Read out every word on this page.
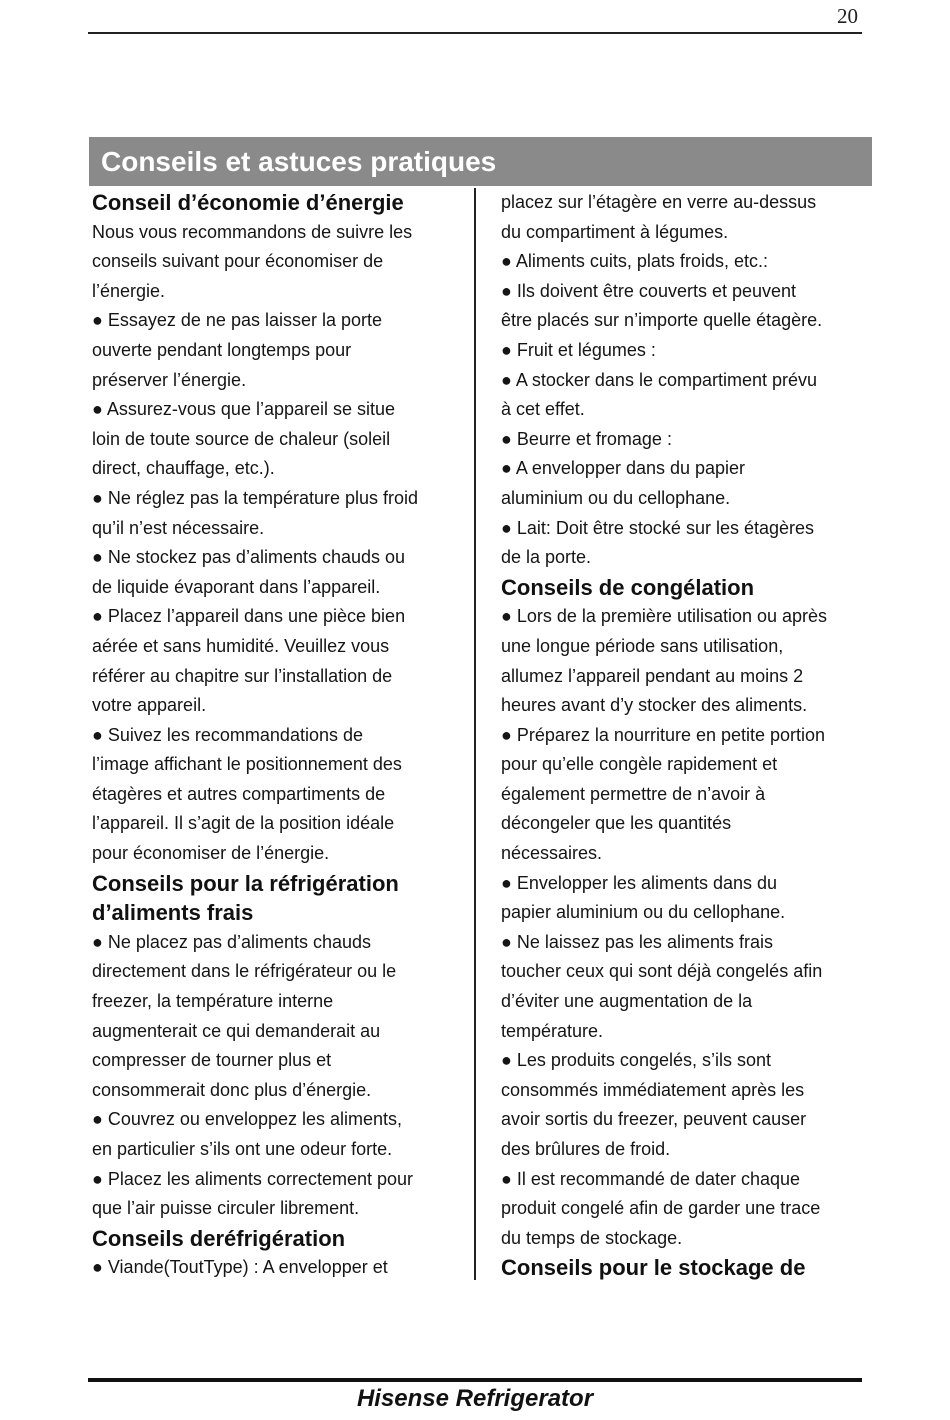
20
Conseils et astuces pratiques
Conseil d’économie d’énergie
Nous vous recommandons de suivre les
conseils suivant pour économiser de
l’énergie.
● Essayez de ne pas laisser la porte
ouverte pendant longtemps pour
préserver l’énergie.
● Assurez-vous que l’appareil se situe
loin de toute source de chaleur (soleil
direct, chauffage, etc.).
● Ne réglez pas la température plus froid
qu’il n’est nécessaire.
● Ne stockez pas d’aliments chauds ou
de liquide évaporant dans l’appareil.
● Placez l’appareil dans une pièce bien
aérée et sans humidité. Veuillez vous
référer au chapitre sur l’installation de
votre appareil.
● Suivez les recommandations de
l’image affichant le positionnement des
étagères et autres compartiments de
l’appareil. Il s’agit de la position idéale
pour économiser de l’énergie.
Conseils pour la réfrigération
d’aliments frais
● Ne placez pas d’aliments chauds
directement dans le réfrigérateur ou le
freezer, la température interne
augmenterait ce qui demanderait au
compresser de tourner plus et
consommerait donc plus d’énergie.
● Couvrez ou enveloppez les aliments,
en particulier s’ils ont une odeur forte.
● Placez les aliments correctement pour
que l’air puisse circuler librement.
Conseils deréfrigération
● Viande(ToutType) : A envelopper et
placez sur l’étagère en verre au-dessus
du compartiment à légumes.
● Aliments cuits, plats froids, etc.:
● Ils doivent être couverts et peuvent
être placés sur n’importe quelle étagère.
● Fruit et légumes :
● A stocker dans le compartiment prévu
à cet effet.
● Beurre et fromage :
● A envelopper dans du papier
aluminium ou du cellophane.
● Lait: Doit être stocké sur les étagères
de la porte.
Conseils de congélation
● Lors de la première utilisation ou après
une longue période sans utilisation,
allumez l’appareil pendant au moins 2
heures avant d’y stocker des aliments.
● Préparez la nourriture en petite portion
pour qu’elle congèle rapidement et
également permettre de n’avoir à
décongeler que les quantités
nécessaires.
● Envelopper les aliments dans du
papier aluminium ou du cellophane.
● Ne laissez pas les aliments frais
toucher ceux qui sont déjà congelés afin
d’éviter une augmentation de la
température.
● Les produits congelés, s’ils sont
consommés immédiatement après les
avoir sortis du freezer, peuvent causer
des brûlures de froid.
● Il est recommandé de dater chaque
produit congelé afin de garder une trace
du temps de stockage.
Conseils pour le stockage de
Hisense Refrigerator
